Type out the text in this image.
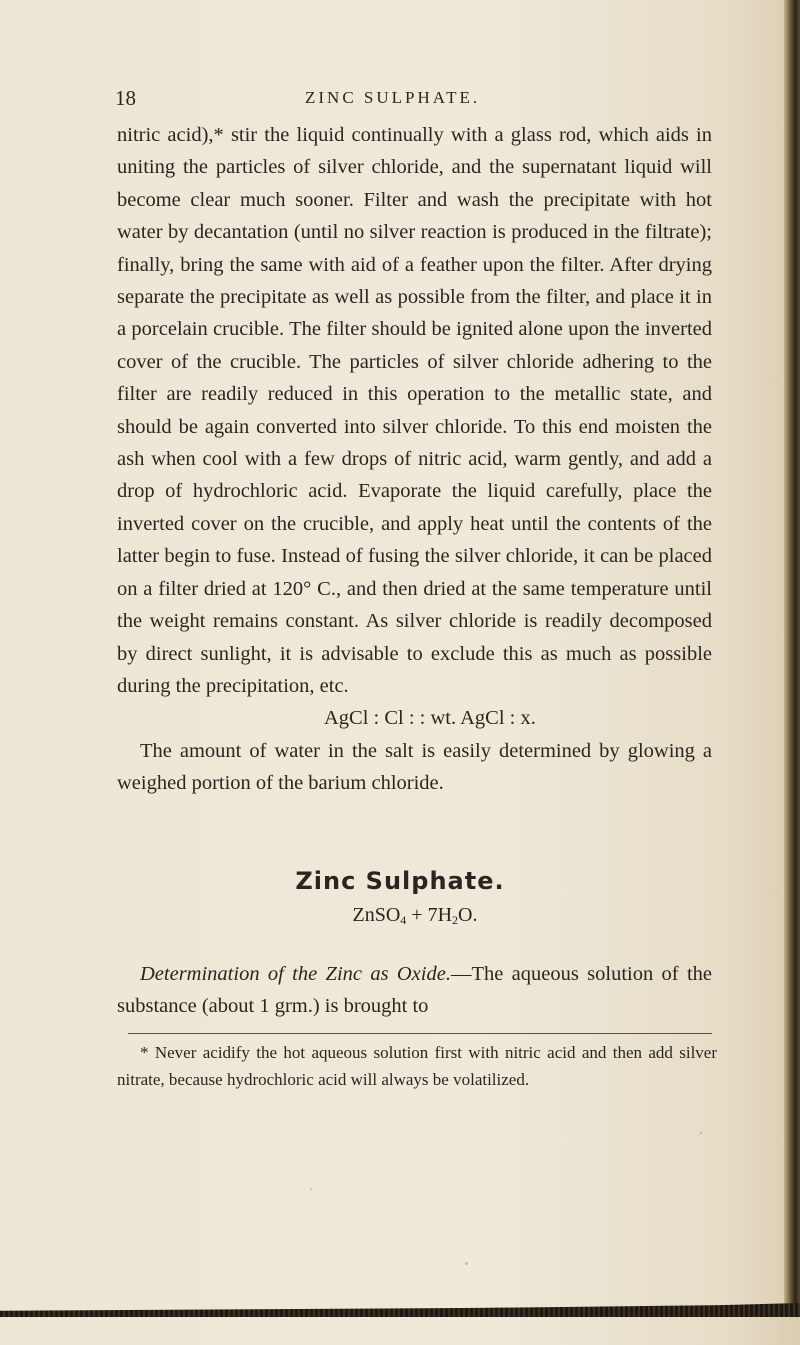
18	ZINC SULPHATE.

nitric acid),* stir the liquid continually with a glass rod, which aids in uniting the particles of silver chloride, and the supernatant liquid will become clear much sooner. Filter and wash the precipitate with hot water by decantation (until no silver reaction is produced in the filtrate); finally, bring the same with aid of a feather upon the filter. After drying separate the precipitate as well as possible from the filter, and place it in a porcelain crucible. The filter should be ignited alone upon the inverted cover of the crucible. The particles of silver chloride adhering to the filter are readily reduced in this operation to the metallic state, and should be again converted into silver chloride. To this end moisten the ash when cool with a few drops of nitric acid, warm gently, and add a drop of hydrochloric acid. Evaporate the liquid carefully, place the inverted cover on the crucible, and apply heat until the contents of the latter begin to fuse. Instead of fusing the silver chloride, it can be placed on a filter dried at 120° C., and then dried at the same temperature until the weight remains constant. As silver chloride is readily decomposed by direct sunlight, it is advisable to exclude this as much as possible during the precipitation, etc.

AgCl : Cl : : wt. AgCl : x.

The amount of water in the salt is easily determined by glowing a weighed portion of the barium chloride.

Zinc Sulphate.
ZnSO$_4$ + $7H_2O$.
Determination of the Zinc as Oxide.—The aqueous solution of the substance (about 1 grm.) is brought to
* Never acidify the hot aqueous solution first with nitric acid and then add silver nitrate, because hydrochloric acid will always be volatilized.
